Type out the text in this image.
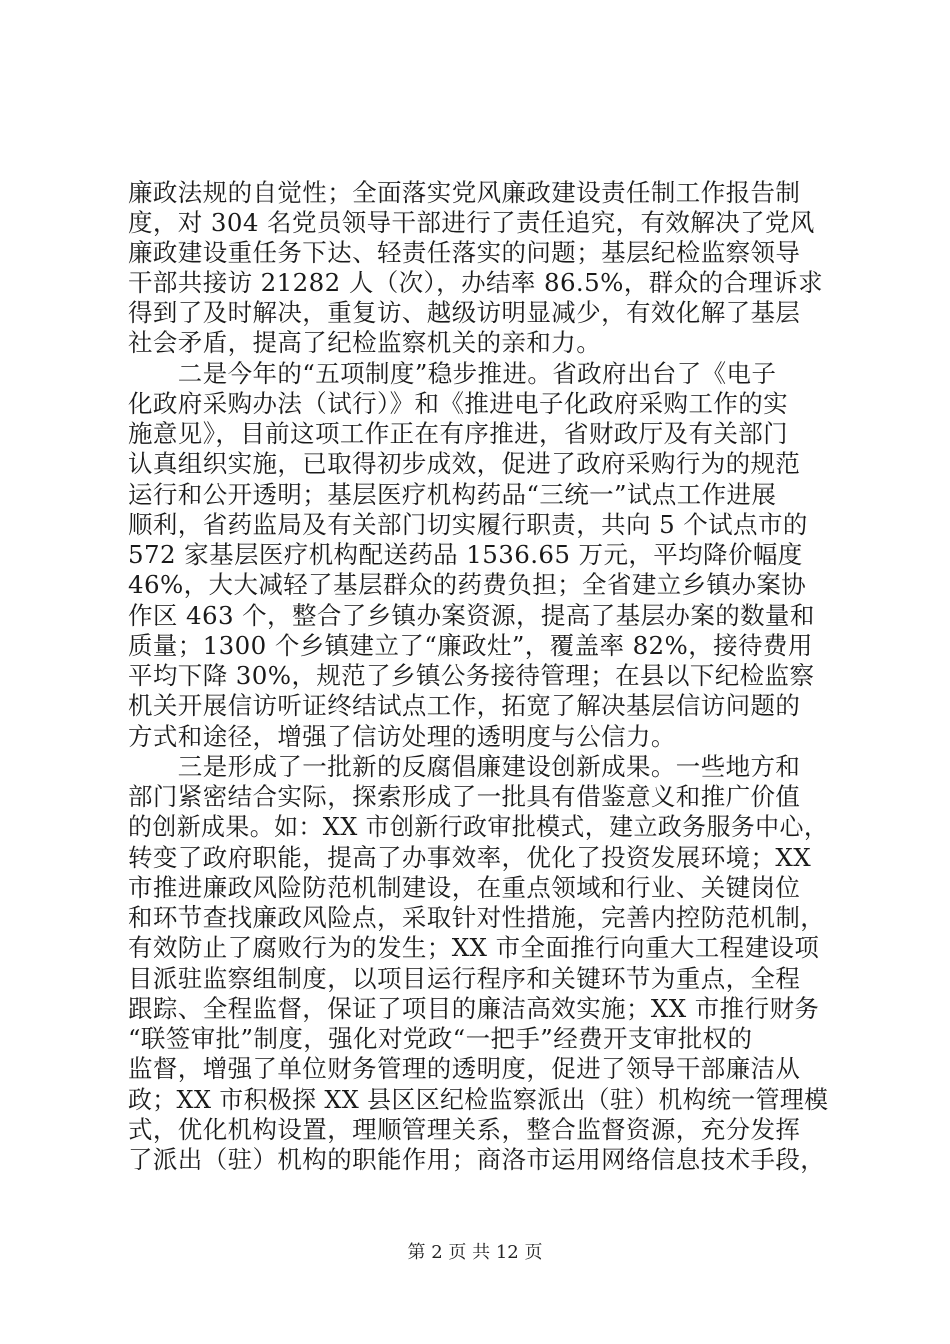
廉政法规的自觉性；全面落实党风廉政建设责任制工作报告制
度，对 304 名党员领导干部进行了责任追究，有效解决了党风
廉政建设重任务下达、轻责任落实的问题；基层纪检监察领导
干部共接访 21282 人（次），办结率 86.5%，群众的合理诉求
得到了及时解决，重复访、越级访明显减少，有效化解了基层
社会矛盾，提高了纪检监察机关的亲和力。
　　二是今年的“五项制度”稳步推进。省政府出台了《电子
化政府采购办法（试行）》和《推进电子化政府采购工作的实
施意见》，目前这项工作正在有序推进，省财政厅及有关部门
认真组织实施，已取得初步成效，促进了政府采购行为的规范
运行和公开透明；基层医疗机构药品“三统一”试点工作进展
顺利，省药监局及有关部门切实履行职责，共向 5 个试点市的
572 家基层医疗机构配送药品 1536.65 万元，平均降价幅度
46%，大大减轻了基层群众的药费负担；全省建立乡镇办案协
作区 463 个，整合了乡镇办案资源，提高了基层办案的数量和
质量；1300 个乡镇建立了“廉政灶”，覆盖率 82%，接待费用
平均下降 30%，规范了乡镇公务接待管理；在县以下纪检监察
机关开展信访听证终结试点工作，拓宽了解决基层信访问题的
方式和途径，增强了信访处理的透明度与公信力。
　　三是形成了一批新的反腐倡廉建设创新成果。一些地方和
部门紧密结合实际，探索形成了一批具有借鉴意义和推广价值
的创新成果。如：XX 市创新行政审批模式，建立政务服务中心，
转变了政府职能，提高了办事效率，优化了投资发展环境；XX
市推进廉政风险防范机制建设，在重点领域和行业、关键岗位
和环节查找廉政风险点，采取针对性措施，完善内控防范机制，
有效防止了腐败行为的发生；XX 市全面推行向重大工程建设项
目派驻监察组制度，以项目运行程序和关键环节为重点，全程
跟踪、全程监督，保证了项目的廉洁高效实施；XX 市推行财务
“联签审批”制度，强化对党政“一把手”经费开支审批权的
监督，增强了单位财务管理的透明度，促进了领导干部廉洁从
政；XX 市积极探 XX 县区区纪检监察派出（驻）机构统一管理模
式，优化机构设置，理顺管理关系，整合监督资源，充分发挥
了派出（驻）机构的职能作用；商洛市运用网络信息技术手段，
第 2 页 共 12 页
